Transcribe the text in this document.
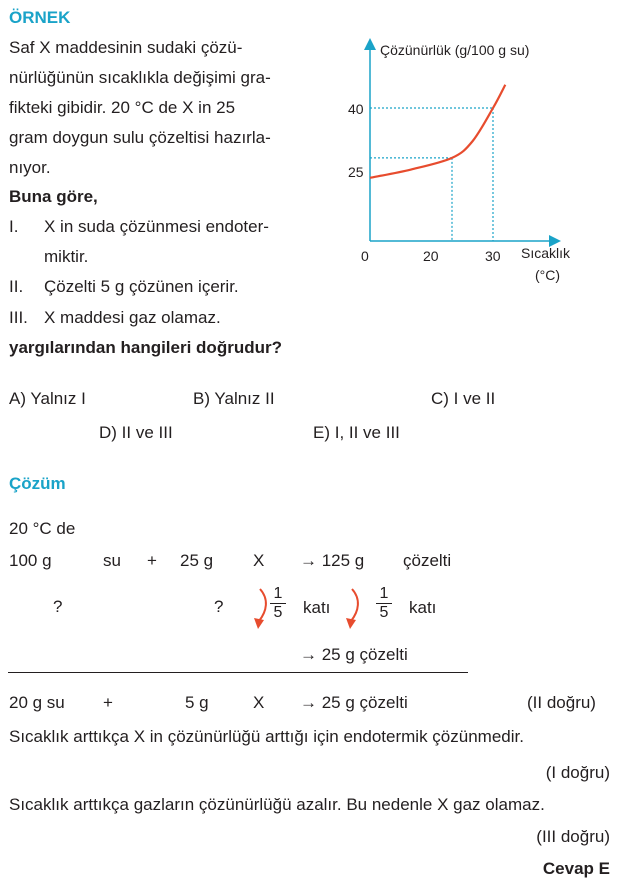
ÖRNEK
Saf X maddesinin sudaki çözü-
nürlüğünün sıcaklıkla değişimi gra-
fikteki gibidir. 20 °C de X in 25
gram doygun sulu çözeltisi hazırla-
nıyor.
Buna göre,
I. X in suda çözünmesi endoter-
miktir.
II. Çözelti 5 g çözünen içerir.
III. X maddesi gaz olamaz.
yargılarından hangileri doğrudur?
Çözünürlük (g/100 g su)
Sıcaklık
(°C)
0	20	30
25
40
A) Yalnız I	B) Yalnız II	C) I ve II
D) II ve III	E) I, II ve III
Çözüm
20 °C de
100 g	su + 25 g X → 125 g çözelti
?	?
1
5	katı
1
5	katı
→ 25 g çözelti
20 g su +	5 g	X → 25 g çözelti	(II doğru)
Sıcaklık arttıkça X in çözünürlüğü arttığı için endotermik çözünmedir.
(I doğru)
Sıcaklık arttıkça gazların çözünürlüğü azalır. Bu nedenle X gaz olamaz.
(III doğru)
Cevap E
